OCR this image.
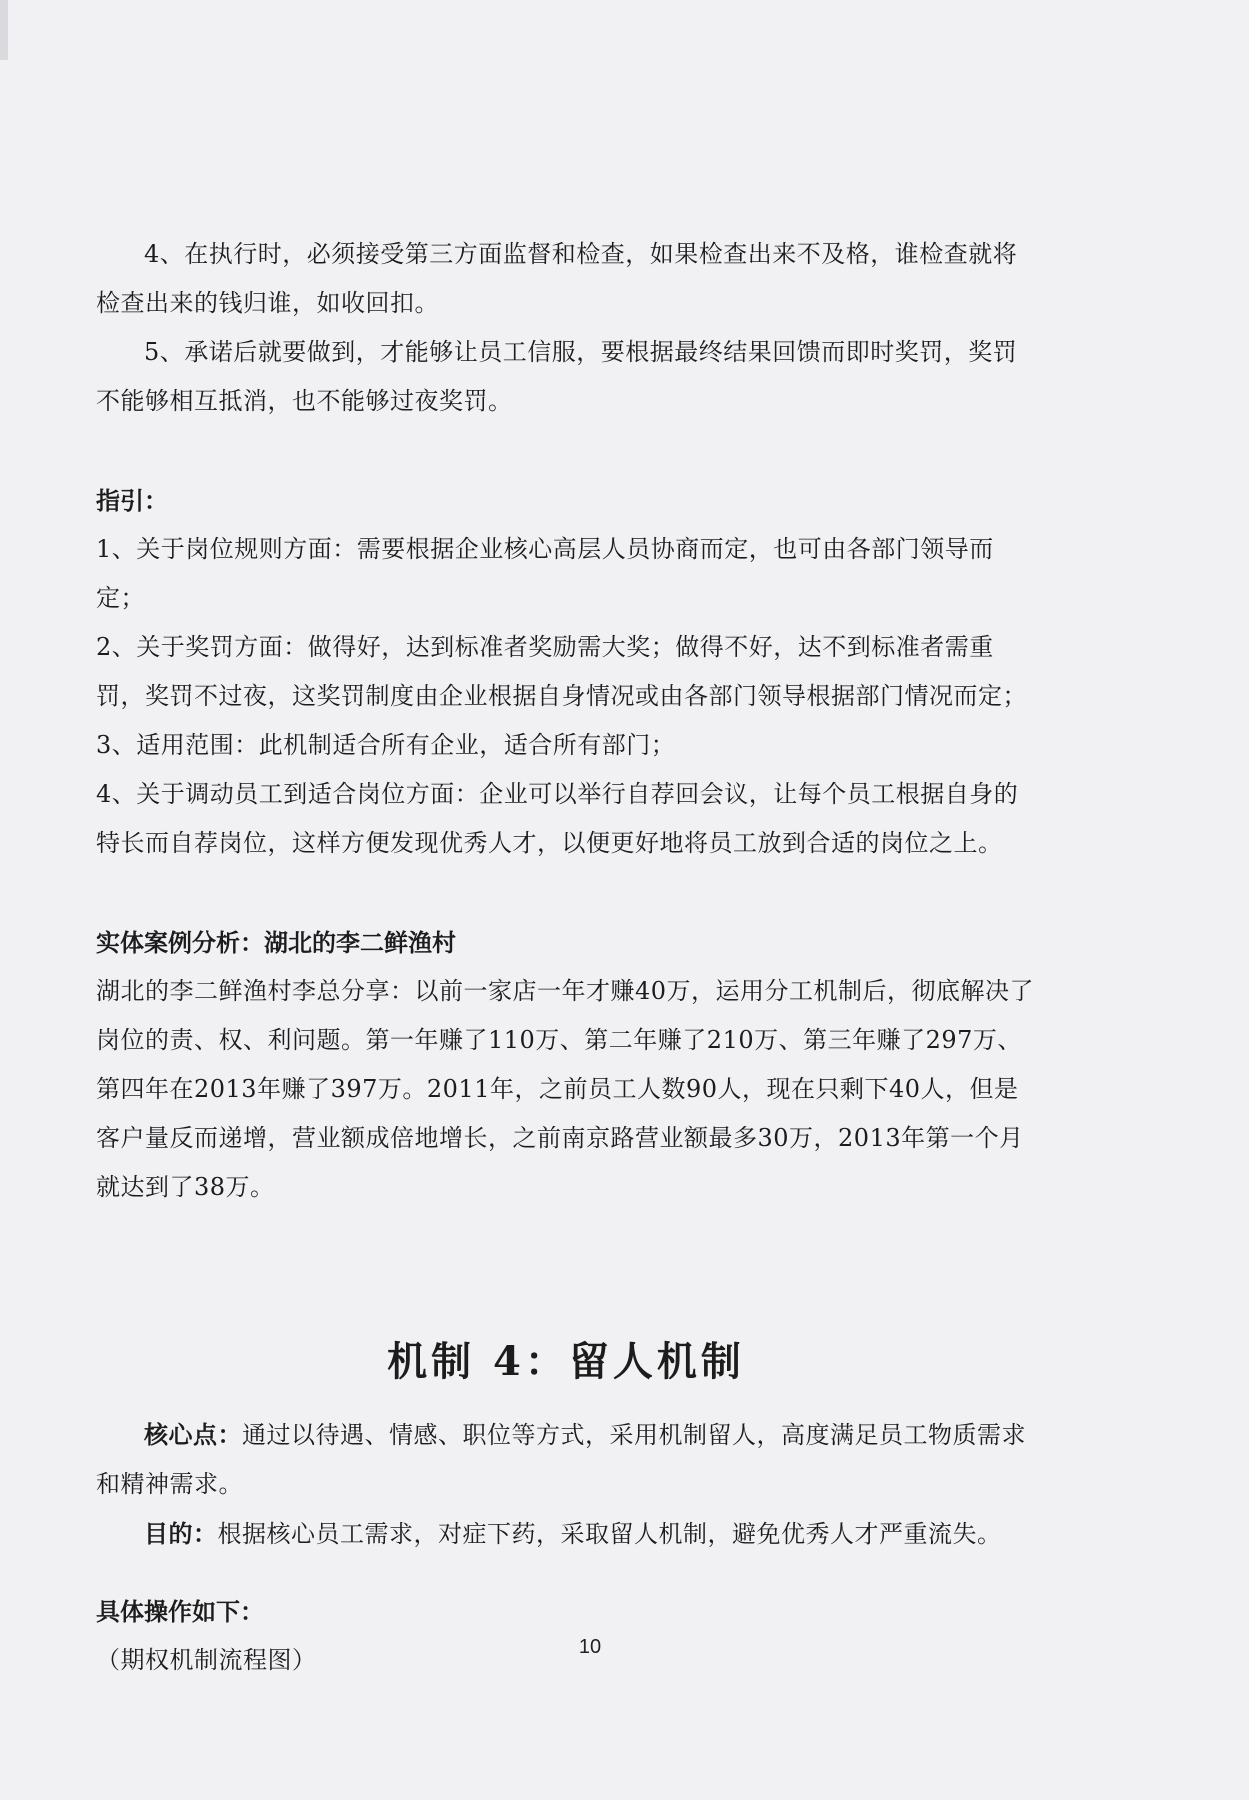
4、在执行时，必须接受第三方面监督和检查，如果检查出来不及格，谁检查就将检查出来的钱归谁，如收回扣。

5、承诺后就要做到，才能够让员工信服，要根据最终结果回馈而即时奖罚，奖罚不能够相互抵消，也不能够过夜奖罚。

指引：

1、关于岗位规则方面：需要根据企业核心高层人员协商而定，也可由各部门领导而定；

2、关于奖罚方面：做得好，达到标准者奖励需大奖；做得不好，达不到标准者需重罚，奖罚不过夜，这奖罚制度由企业根据自身情况或由各部门领导根据部门情况而定；

3、适用范围：此机制适合所有企业，适合所有部门；

4、关于调动员工到适合岗位方面：企业可以举行自荐回会议，让每个员工根据自身的特长而自荐岗位，这样方便发现优秀人才，以便更好地将员工放到合适的岗位之上。

实体案例分析：湖北的李二鲜渔村

湖北的李二鲜渔村李总分享：以前一家店一年才赚40万，运用分工机制后，彻底解决了岗位的责、权、利问题。第一年赚了110万、第二年赚了210万、第三年赚了297万、第四年在2013年赚了397万。2011年，之前员工人数90人，现在只剩下40人，但是客户量反而递增，营业额成倍地增长，之前南京路营业额最多30万，2013年第一个月就达到了38万。

机制 4：留人机制

核心点：通过以待遇、情感、职位等方式，采用机制留人，高度满足员工物质需求和精神需求。

目的：根据核心员工需求，对症下药，采取留人机制，避免优秀人才严重流失。

具体操作如下：

（期权机制流程图）	10
